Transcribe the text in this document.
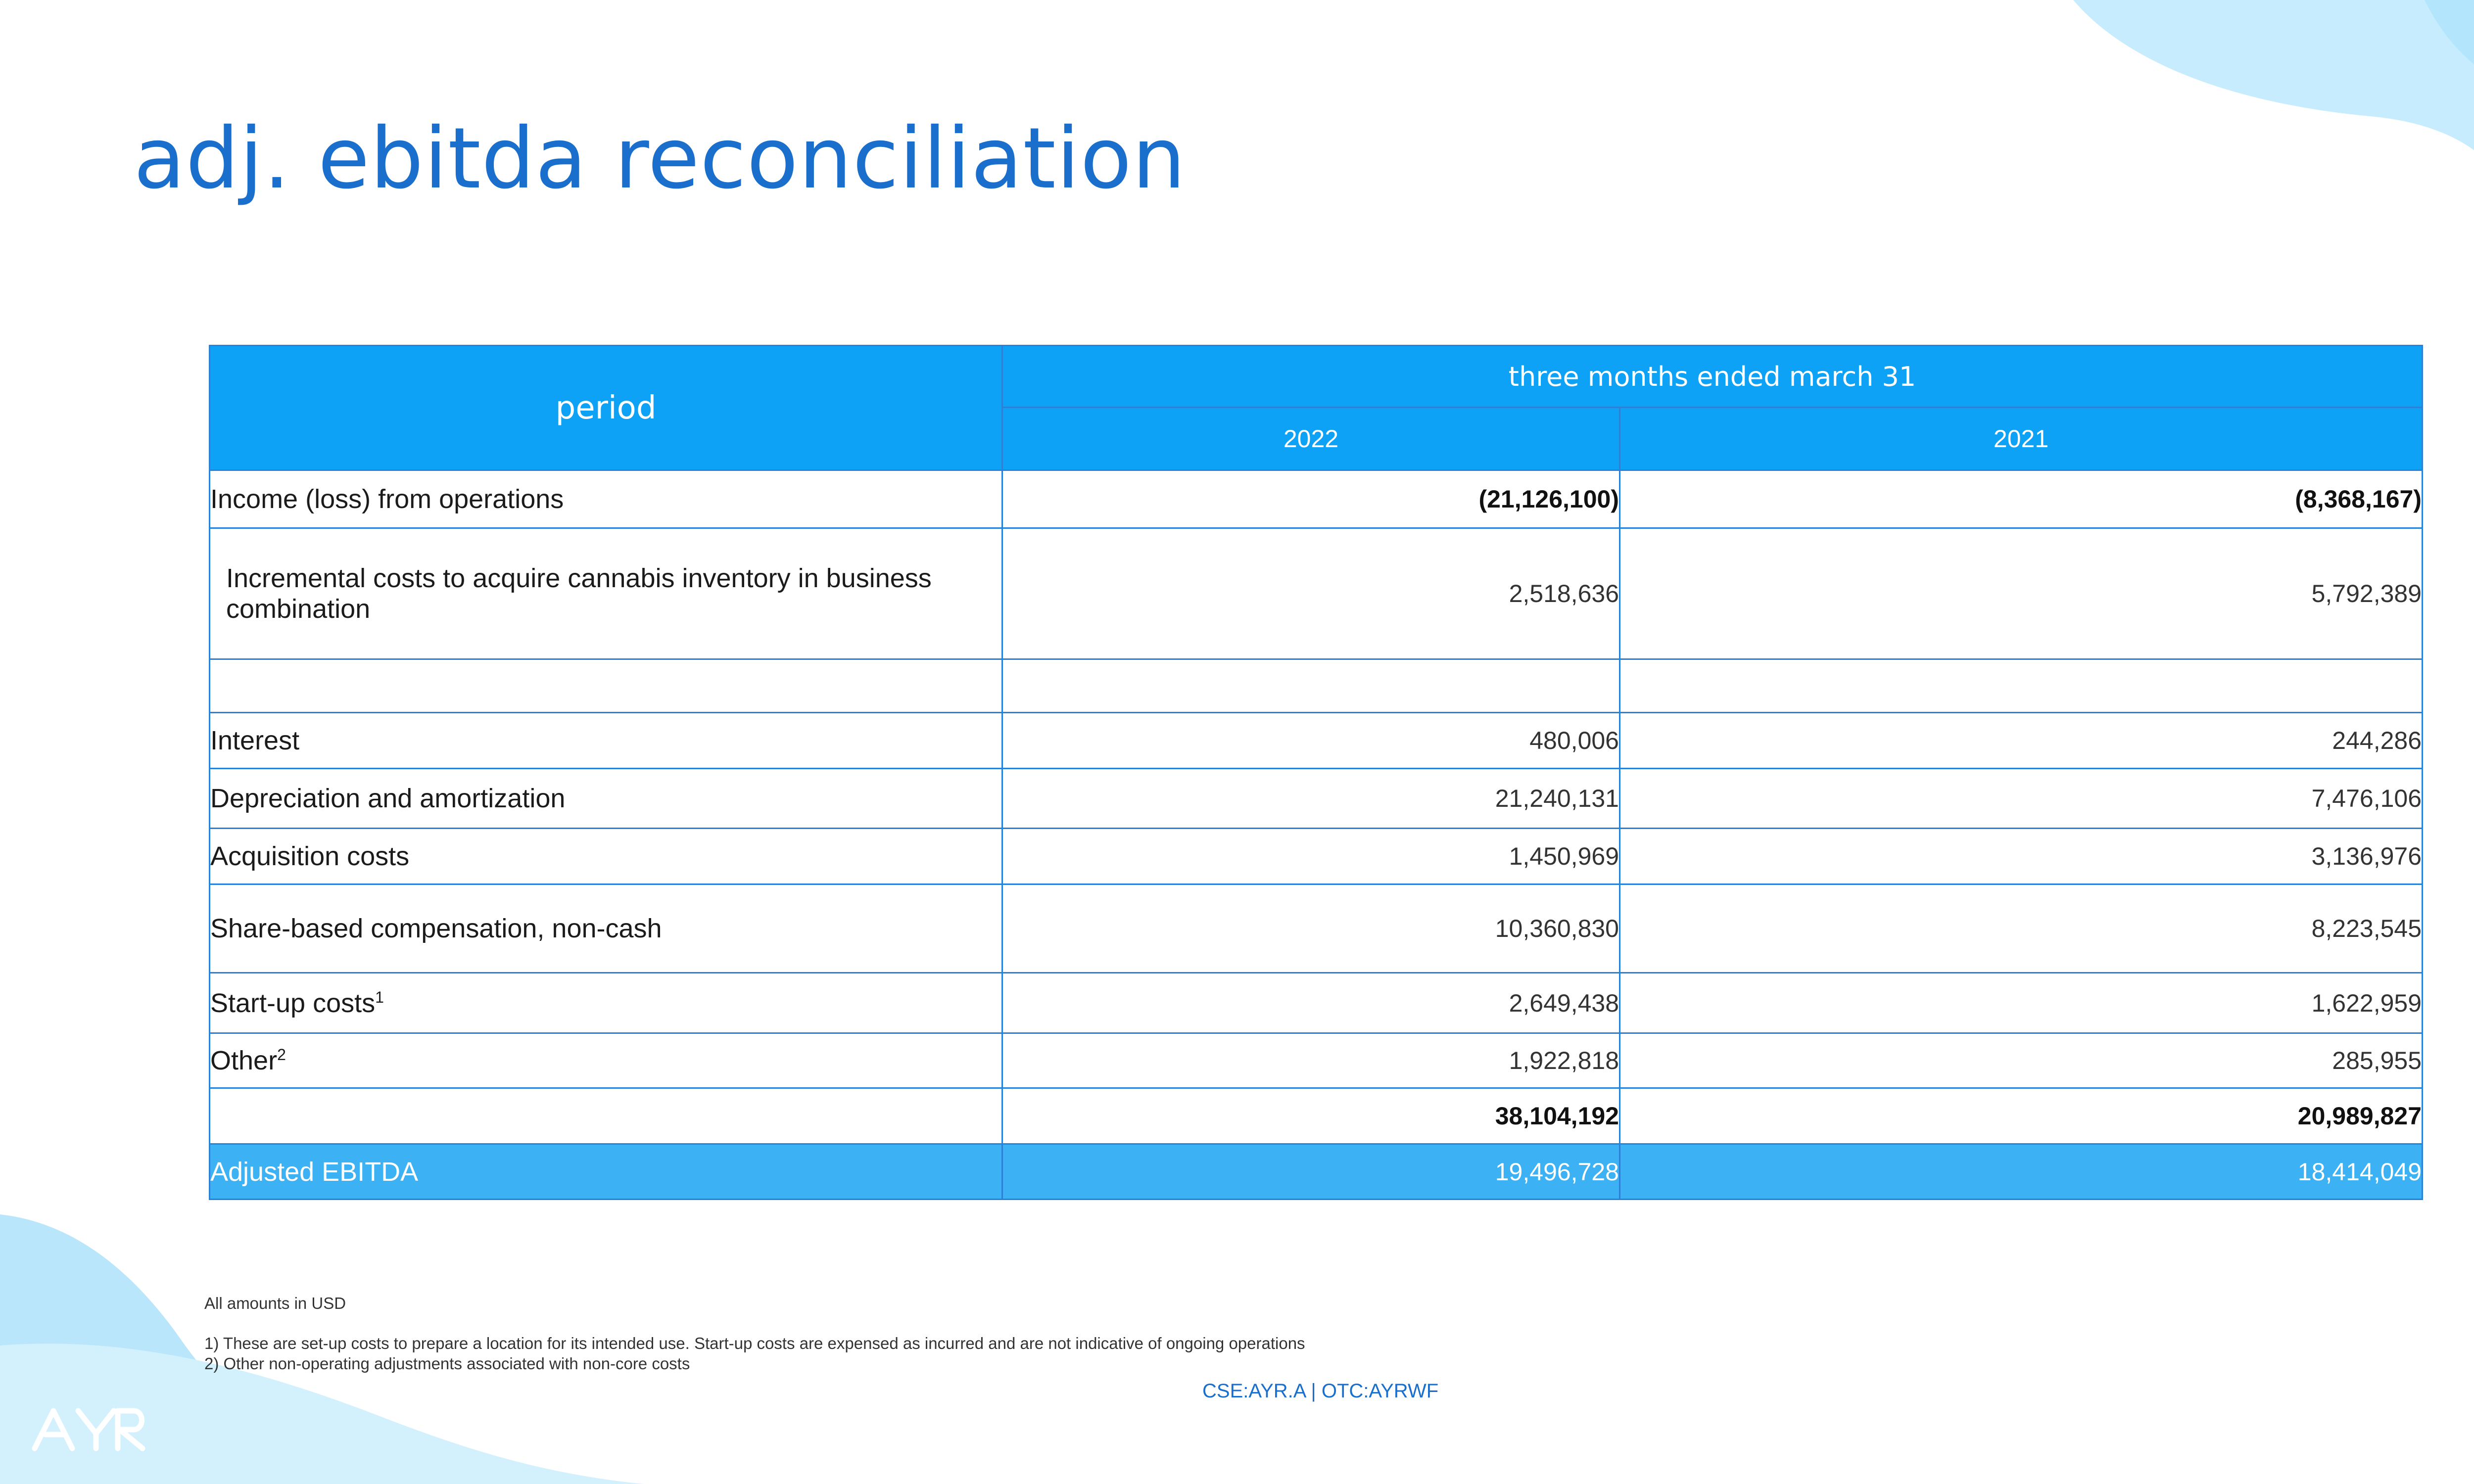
adj. ebitda reconciliation
period	three months ended march 31	
	2022	2021
Income (loss) from operations	(21,126,100)	(8,368,167)
Incremental costs to acquire cannabis inventory in business combination	2,518,636	5,792,389

Interest	480,006	244,286
Depreciation and amortization	21,240,131	7,476,106
Acquisition costs	1,450,969	3,136,976
Share-based compensation, non-cash	10,360,830	8,223,545
Start-up costs$^1$	2,649,438	1,622,959
Other$^2$	1,922,818	285,955
	38,104,192	20,989,827
Adjusted EBITDA	19,496,728	18,414,049
All amounts in USD
1) These are set-up costs to prepare a location for its intended use. Start-up costs are expensed as incurred and are not indicative of ongoing operations
2) Other non-operating adjustments associated with non-core costs
CSE:AYR.A | OTC:AYRWF
